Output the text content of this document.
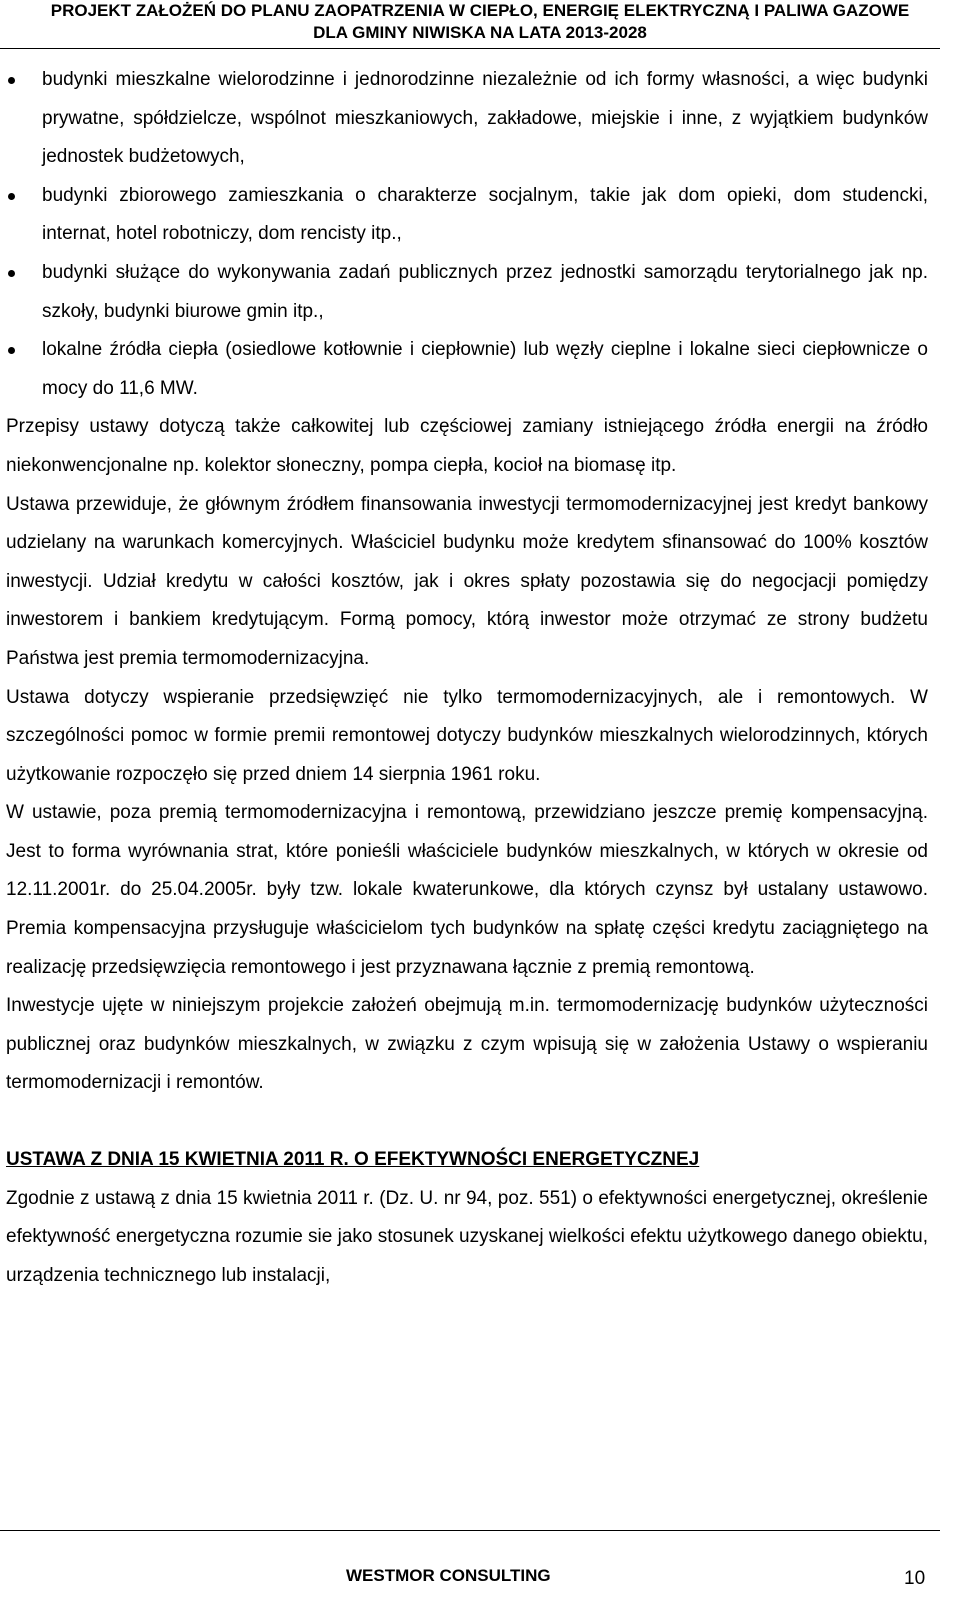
PROJEKT ZAŁOŻEŃ DO PLANU ZAOPATRZENIA W CIEPŁO, ENERGIĘ ELEKTRYCZNĄ I PALIWA GAZOWE
DLA GMINY NIWISKA NA LATA 2013-2028
budynki mieszkalne wielorodzinne i jednorodzinne niezależnie od ich formy własności, a więc budynki prywatne, spółdzielcze, wspólnot mieszkaniowych, zakładowe, miejskie i inne, z wyjątkiem budynków jednostek budżetowych,
budynki zbiorowego zamieszkania o charakterze socjalnym, takie jak dom opieki, dom studencki, internat, hotel robotniczy, dom rencisty itp.,
budynki służące do wykonywania zadań publicznych przez jednostki samorządu terytorialnego jak np. szkoły, budynki biurowe gmin itp.,
lokalne źródła ciepła (osiedlowe kotłownie i ciepłownie) lub węzły cieplne i lokalne sieci ciepłownicze o mocy do 11,6 MW.

Przepisy ustawy dotyczą także całkowitej lub częściowej zamiany istniejącego źródła energii na źródło niekonwencjonalne np. kolektor słoneczny, pompa ciepła, kocioł na biomasę itp.

Ustawa przewiduje, że głównym źródłem finansowania inwestycji termomodernizacyjnej jest kredyt bankowy udzielany na warunkach komercyjnych. Właściciel budynku może kredytem sfinansować do 100% kosztów inwestycji. Udział kredytu w całości kosztów, jak i okres spłaty pozostawia się do negocjacji pomiędzy inwestorem i bankiem kredytującym. Formą pomocy, którą inwestor może otrzymać ze strony budżetu Państwa jest premia termomodernizacyjna.

Ustawa dotyczy wspieranie przedsięwzięć nie tylko termomodernizacyjnych, ale i remontowych. W szczególności pomoc w formie premii remontowej dotyczy budynków mieszkalnych wielorodzinnych, których użytkowanie rozpoczęło się przed dniem 14 sierpnia 1961 roku.

W ustawie, poza premią termomodernizacyjna i remontową, przewidziano jeszcze premię kompensacyjną. Jest to forma wyrównania strat, które ponieśli właściciele budynków mieszkalnych, w których w okresie od 12.11.2001r. do 25.04.2005r. były tzw. lokale kwaterunkowe, dla których czynsz był ustalany ustawowo. Premia kompensacyjna przysługuje właścicielom tych budynków na spłatę części kredytu zaciągniętego na realizację przedsięwzięcia remontowego i jest przyznawana łącznie z premią remontową.

Inwestycje ujęte w niniejszym projekcie założeń obejmują m.in. termomodernizację budynków użyteczności publicznej oraz budynków mieszkalnych, w związku z czym wpisują się w założenia Ustawy o wspieraniu termomodernizacji i remontów.

USTAWA Z DNIA 15 KWIETNIA 2011 R. O EFEKTYWNOŚCI ENERGETYCZNEJ

Zgodnie z ustawą z dnia 15 kwietnia 2011 r. (Dz. U. nr 94, poz. 551) o efektywności energetycznej, określenie efektywność energetyczna rozumie sie jako stosunek uzyskanej wielkości efektu użytkowego danego obiektu, urządzenia technicznego lub instalacji,

WESTMOR CONSULTING	10
